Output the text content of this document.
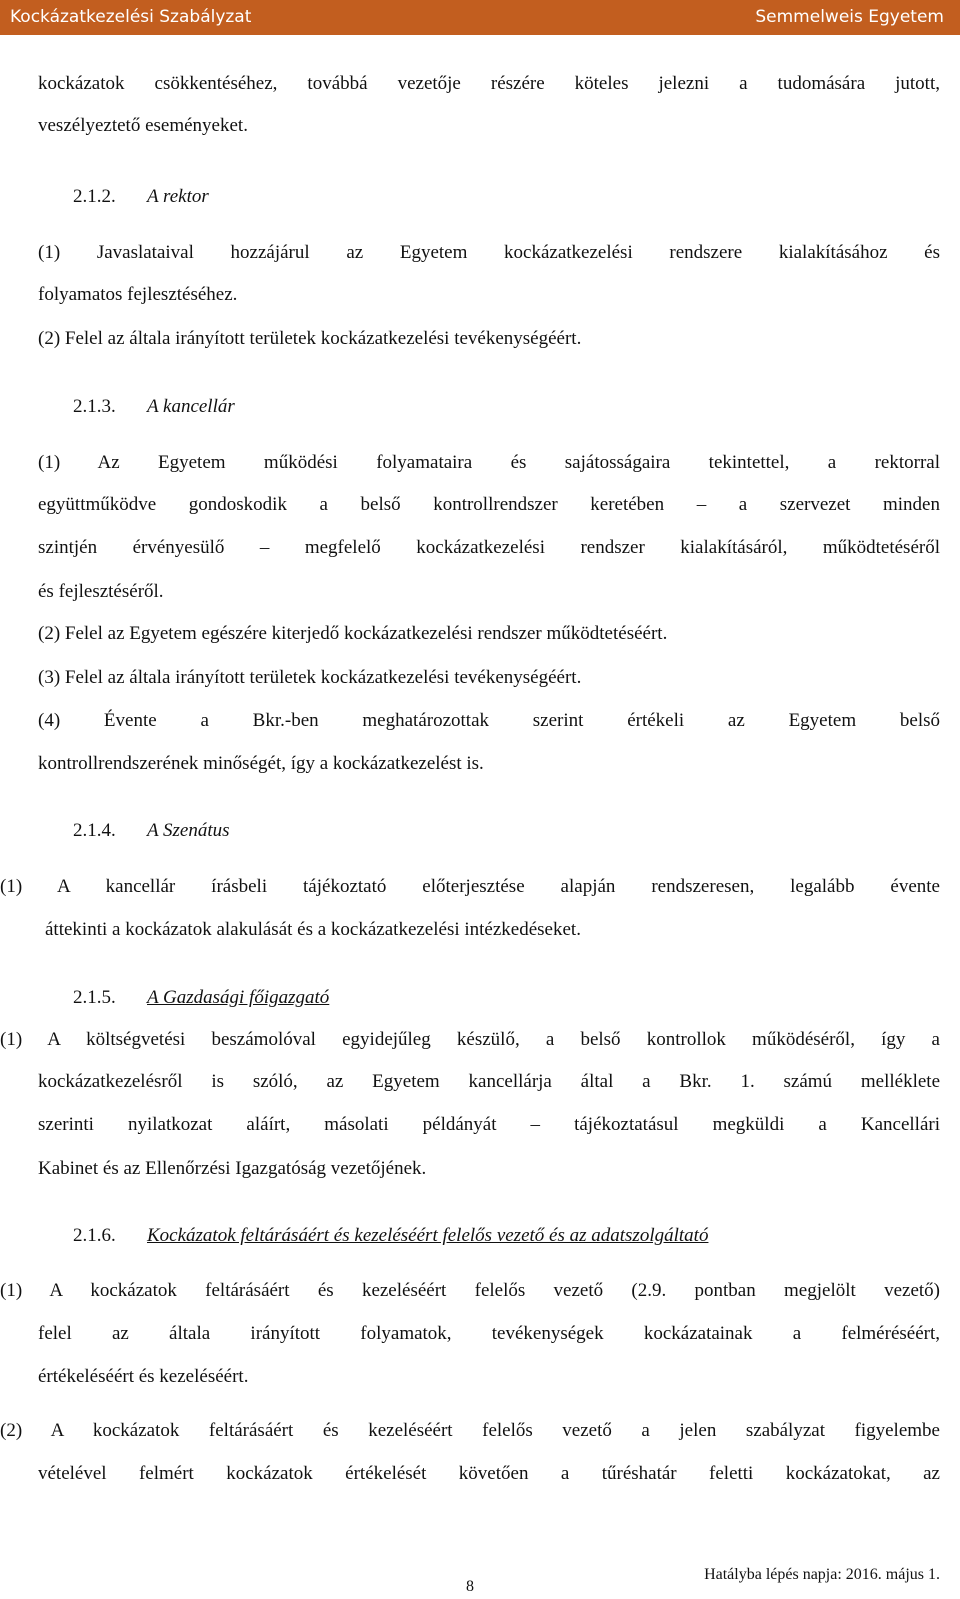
Kockázatkezelési Szabályzat	Semmelweis Egyetem
kockázatok csökkentéséhez, továbbá vezetője részére köteles jelezni a tudomására jutott,
veszélyeztető eseményeket.
2.1.2. A rektor
(1) Javaslataival hozzájárul az Egyetem kockázatkezelési rendszere kialakításához és
folyamatos fejlesztéséhez.
(2) Felel az általa irányított területek kockázatkezelési tevékenységéért.
2.1.3. A kancellár
(1) Az Egyetem működési folyamataira és sajátosságaira tekintettel, a rektorral
együttműködve gondoskodik a belső kontrollrendszer keretében – a szervezet minden
szintjén érvényesülő – megfelelő kockázatkezelési rendszer kialakításáról, működtetéséről
és fejlesztéséről.
(2) Felel az Egyetem egészére kiterjedő kockázatkezelési rendszer működtetéséért.
(3) Felel az általa irányított területek kockázatkezelési tevékenységéért.
(4) Évente a Bkr.-ben meghatározottak szerint értékeli az Egyetem belső
kontrollrendszerének minőségét, így a kockázatkezelést is.
2.1.4. A Szenátus
(1) A kancellár írásbeli tájékoztató előterjesztése alapján rendszeresen, legalább évente
áttekinti a kockázatok alakulását és a kockázatkezelési intézkedéseket.
2.1.5. A Gazdasági főigazgató
(1) A költségvetési beszámolóval egyidejűleg készülő, a belső kontrollok működéséről, így a
kockázatkezelésről is szóló, az Egyetem kancellárja által a Bkr. 1. számú melléklete
szerinti nyilatkozat aláírt, másolati példányát – tájékoztatásul megküldi a Kancellári
Kabinet és az Ellenőrzési Igazgatóság vezetőjének.
2.1.6. Kockázatok feltárásáért és kezeléséért felelős vezető és az adatszolgáltató
(1) A kockázatok feltárásáért és kezeléséért felelős vezető (2.9. pontban megjelölt vezető)
felel az általa irányított folyamatok, tevékenységek kockázatainak a felméréséért,
értékeléséért és kezeléséért.
(2) A kockázatok feltárásáért és kezeléséért felelős vezető a jelen szabályzat figyelembe
vételével felmért kockázatok értékelését követően a tűréshatár feletti kockázatokat, az
Hatályba lépés napja: 2016. május 1.
8
